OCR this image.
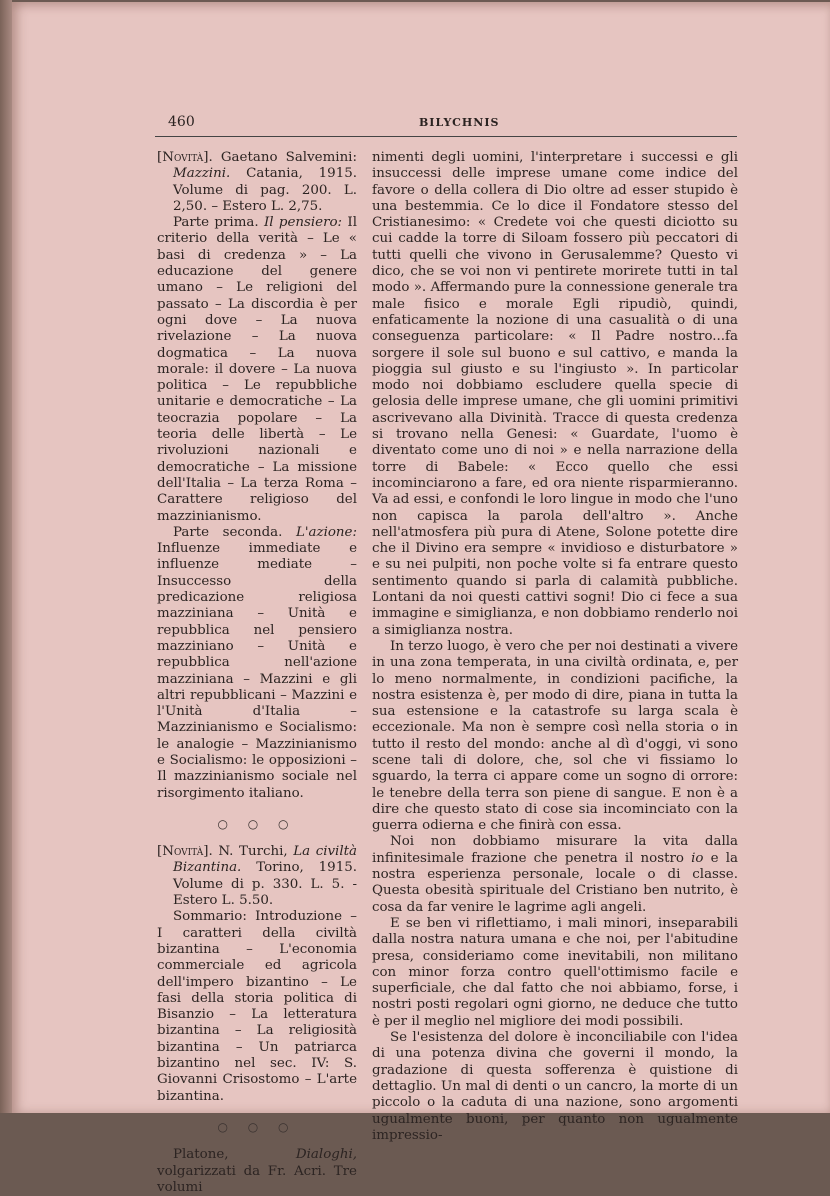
460	BILYCHNIS

[Novità]. Gaetano Salvemini: Mazzini. Catania, 1915. Volume di pag. 200. L. 2,50. – Estero L. 2,75.

Parte prima. Il pensiero: Il criterio della verità – Le « basi di credenza » – La educazione del genere umano – Le religioni del passato – La discordia è per ogni dove – La nuova rivelazione – La nuova dogmatica – La nuova morale: il dovere – La nuova politica – Le repubbliche unitarie e democratiche – La teocrazia popolare – La teoria delle libertà – Le rivoluzioni nazionali e democratiche – La missione dell'Italia – La terza Roma – Carattere religioso del mazzinianismo.

Parte seconda. L'azione: Influenze immediate e influenze mediate – Insuccesso della predicazione religiosa mazziniana – Unità e repubblica nel pensiero mazziniano – Unità e repubblica nell'azione mazziniana – Mazzini e gli altri repubblicani – Mazzini e l'Unità d'Italia – Mazzinianismo e Socialismo: le analogie – Mazzinianismo e Socialismo: le opposizioni – Il mazzinianismo sociale nel risorgimento italiano.

○ ○ ○

[Novità]. N. Turchi, La civiltà Bizantina. Torino, 1915. Volume di p. 330. L. 5. - Estero L. 5.50.

Sommario: Introduzione – I caratteri della civiltà bizantina – L'economia commerciale ed agricola dell'impero bizantino – Le fasi della storia politica di Bisanzio – La letteratura bizantina – La religiosità bizantina – Un patriarca bizantino nel sec. IV: S. Giovanni Crisostomo – L'arte bizantina.

○ ○ ○

Platone,	Dialoghi, volgarizzati da Fr. Acri. Tre volumi

nimenti degli uomini, l'interpretare i successi e gli insuccessi delle imprese umane come indice del favore o della collera di Dio oltre ad esser stupido è una bestemmia. Ce lo dice il Fondatore stesso del Cristianesimo: « Credete voi che questi diciotto su cui cadde la torre di Siloam fossero più peccatori di tutti quelli che vivono in Gerusalemme? Questo vi dico, che se voi non vi pentirete morirete tutti in tal modo ». Affermando pure la connessione generale tra male fisico e morale Egli ripudiò, quindi, enfaticamente la nozione di una casualità o di una conseguenza particolare: « Il Padre nostro...fa sorgere il sole sul buono e sul cattivo, e manda la pioggia sul giusto e su l'ingiusto ». In particolar modo noi dobbiamo escludere quella specie di gelosia delle imprese umane, che gli uomini primitivi ascrivevano alla Divinità. Tracce di questa credenza si trovano nella Genesi: « Guardate, l'uomo è diventato come uno di noi » e nella narrazione della torre di Babele: « Ecco quello che essi incominciarono a fare, ed ora niente risparmieranno. Va ad essi, e confondi le loro lingue in modo che l'uno non capisca la parola dell'altro ». Anche nell'atmosfera più pura di Atene, Solone potette dire che il Divino era sempre « invidioso e disturbatore » e su nei pulpiti, non poche volte si fa entrare questo sentimento quando si parla di calamità pubbliche. Lontani da noi questi cattivi sogni! Dio ci fece a sua immagine e simiglianza, e non dobbiamo renderlo noi a simiglianza nostra.

In terzo luogo, è vero che per noi destinati a vivere in una zona temperata, in una civiltà ordinata, e, per lo meno normalmente, in condizioni pacifiche, la nostra esistenza è, per modo di dire, piana in tutta la sua estensione e la catastrofe su larga scala è eccezionale. Ma non è sempre così nella storia o in tutto il resto del mondo: anche al dì d'oggi, vi sono scene tali di dolore, che, sol che vi fissiamo lo sguardo, la terra ci appare come un sogno di orrore: le tenebre della terra son piene di sangue. E non è a dire che questo stato di cose sia incominciato con la guerra odierna e che finirà con essa.

Noi non dobbiamo misurare la vita dalla infinitesimale frazione che penetra il nostro io e la nostra esperienza personale, locale o di classe. Questa obesità spirituale del Cristiano ben nutrito, è cosa da far venire le lagrime agli angeli.

E se ben vi riflettiamo, i mali minori, inseparabili dalla nostra natura umana e che noi, per l'abitudine presa, consideriamo come inevitabili, non militano con minor forza contro quell'ottimismo facile e superficiale, che dal fatto che noi abbiamo, forse, i nostri posti regolari ogni giorno, ne deduce che tutto è per il meglio nel migliore dei modi possibili.

Se l'esistenza del dolore è inconciliabile con l'idea di una potenza divina che governi il mondo, la gradazione di questa sofferenza è quistione di dettaglio. Un mal di denti o un cancro, la morte di un piccolo o la caduta di una nazione, sono argomenti ugualmente buoni, per quanto non ugualmente impressio-
